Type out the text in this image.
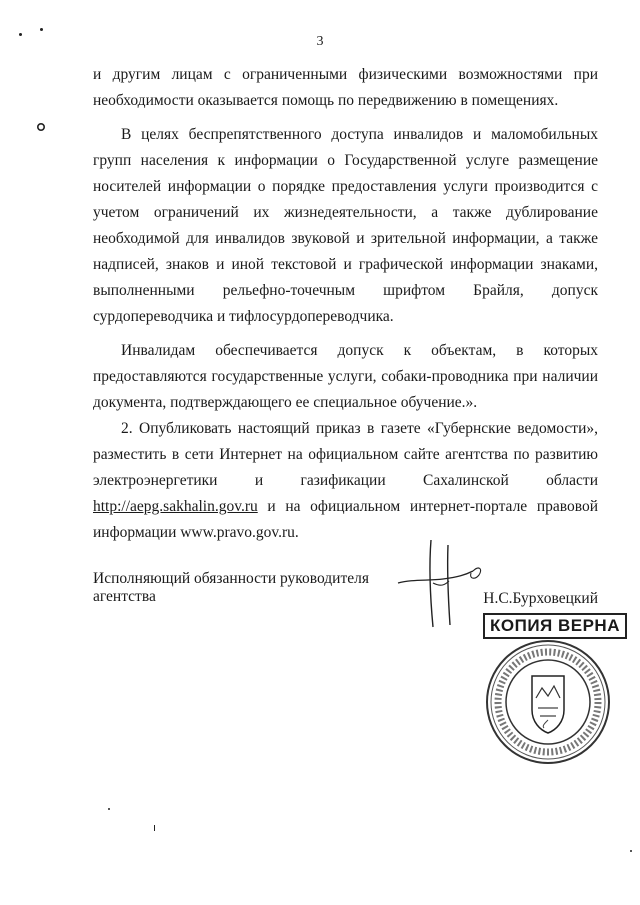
3

и другим лицам с ограниченными физическими возможностями при необходимости оказывается помощь по передвижению в помещениях.

В целях беспрепятственного доступа инвалидов и маломобильных групп населения к информации о Государственной услуге размещение носителей информации о порядке предоставления услуги производится с учетом ограничений их жизнедеятельности, а также дублирование необходимой для инвалидов звуковой и зрительной информации, а также надписей, знаков и иной текстовой и графической информации знаками, выполненными рельефно-точечным шрифтом Брайля, допуск сурдопереводчика и тифлосурдопереводчика.

Инвалидам обеспечивается допуск к объектам, в которых предоставляются государственные услуги, собаки-проводника при наличии документа, подтверждающего ее специальное обучение.».

2. Опубликовать настоящий приказ в газете «Губернские ведомости», разместить в сети Интернет на официальном сайте агентства по развитию электроэнергетики и газификации Сахалинской области http://aepg.sakhalin.gov.ru и на официальном интернет-портале правовой информации www.pravo.gov.ru.

Исполняющий обязанности руководителя агентства	Н.С.Бурховецкий
КОПИЯ ВЕРНА
